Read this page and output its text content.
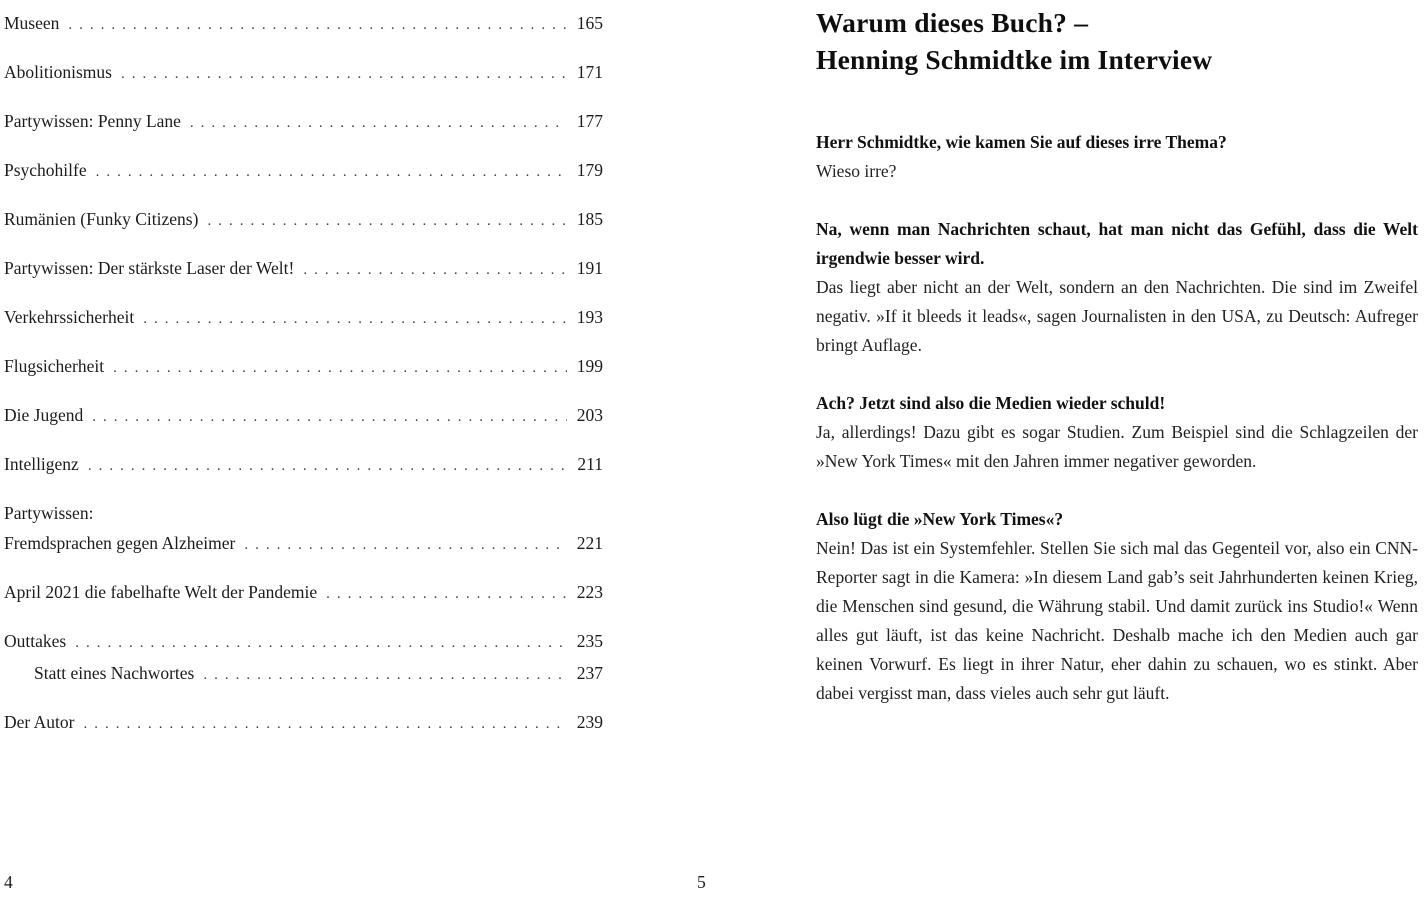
Museen .....	165
Abolitionismus .....	171
Partywissen: Penny Lane .....	177
Psychohilfe .....	179
Rumänien (Funky Citizens) .....	185
Partywissen: Der stärkste Laser der Welt! .....	191
Verkehrssicherheit .....	193
Flugsicherheit .....	199
Die Jugend .....	203
Intelligenz .....	211
Partywissen:
Fremdsprachen gegen Alzheimer .....	221
April 2021 die fabelhafte Welt der Pandemie .....	223
Outtakes .....	235
Statt eines Nachwortes .....	237
Der Autor .....	239
4
Warum dieses Buch? –
Henning Schmidtke im Interview

Herr Schmidtke, wie kamen Sie auf dieses irre Thema?

Wieso irre?

Na, wenn man Nachrichten schaut, hat man nicht das Gefühl, dass die Welt irgendwie besser wird.

Das liegt aber nicht an der Welt, sondern an den Nachrichten. Die sind im Zweifel negativ. »If it bleeds it leads«, sagen Journalisten in den USA, zu Deutsch: Aufreger bringt Auflage.

Ach? Jetzt sind also die Medien wieder schuld!

Ja, allerdings! Dazu gibt es sogar Studien. Zum Beispiel sind die Schlagzeilen der »New York Times« mit den Jahren immer negativer geworden.

Also lügt die »New York Times«?

Nein! Das ist ein Systemfehler. Stellen Sie sich mal das Gegenteil vor, also ein CNN-Reporter sagt in die Kamera: »In diesem Land gab’s seit Jahrhunderten keinen Krieg, die Menschen sind gesund, die Währung stabil. Und damit zurück ins Studio!« Wenn alles gut läuft, ist das keine Nachricht. Deshalb mache ich den Medien auch gar keinen Vorwurf. Es liegt in ihrer Natur, eher dahin zu schauen, wo es stinkt. Aber dabei vergisst man, dass vieles auch sehr gut läuft.

5
